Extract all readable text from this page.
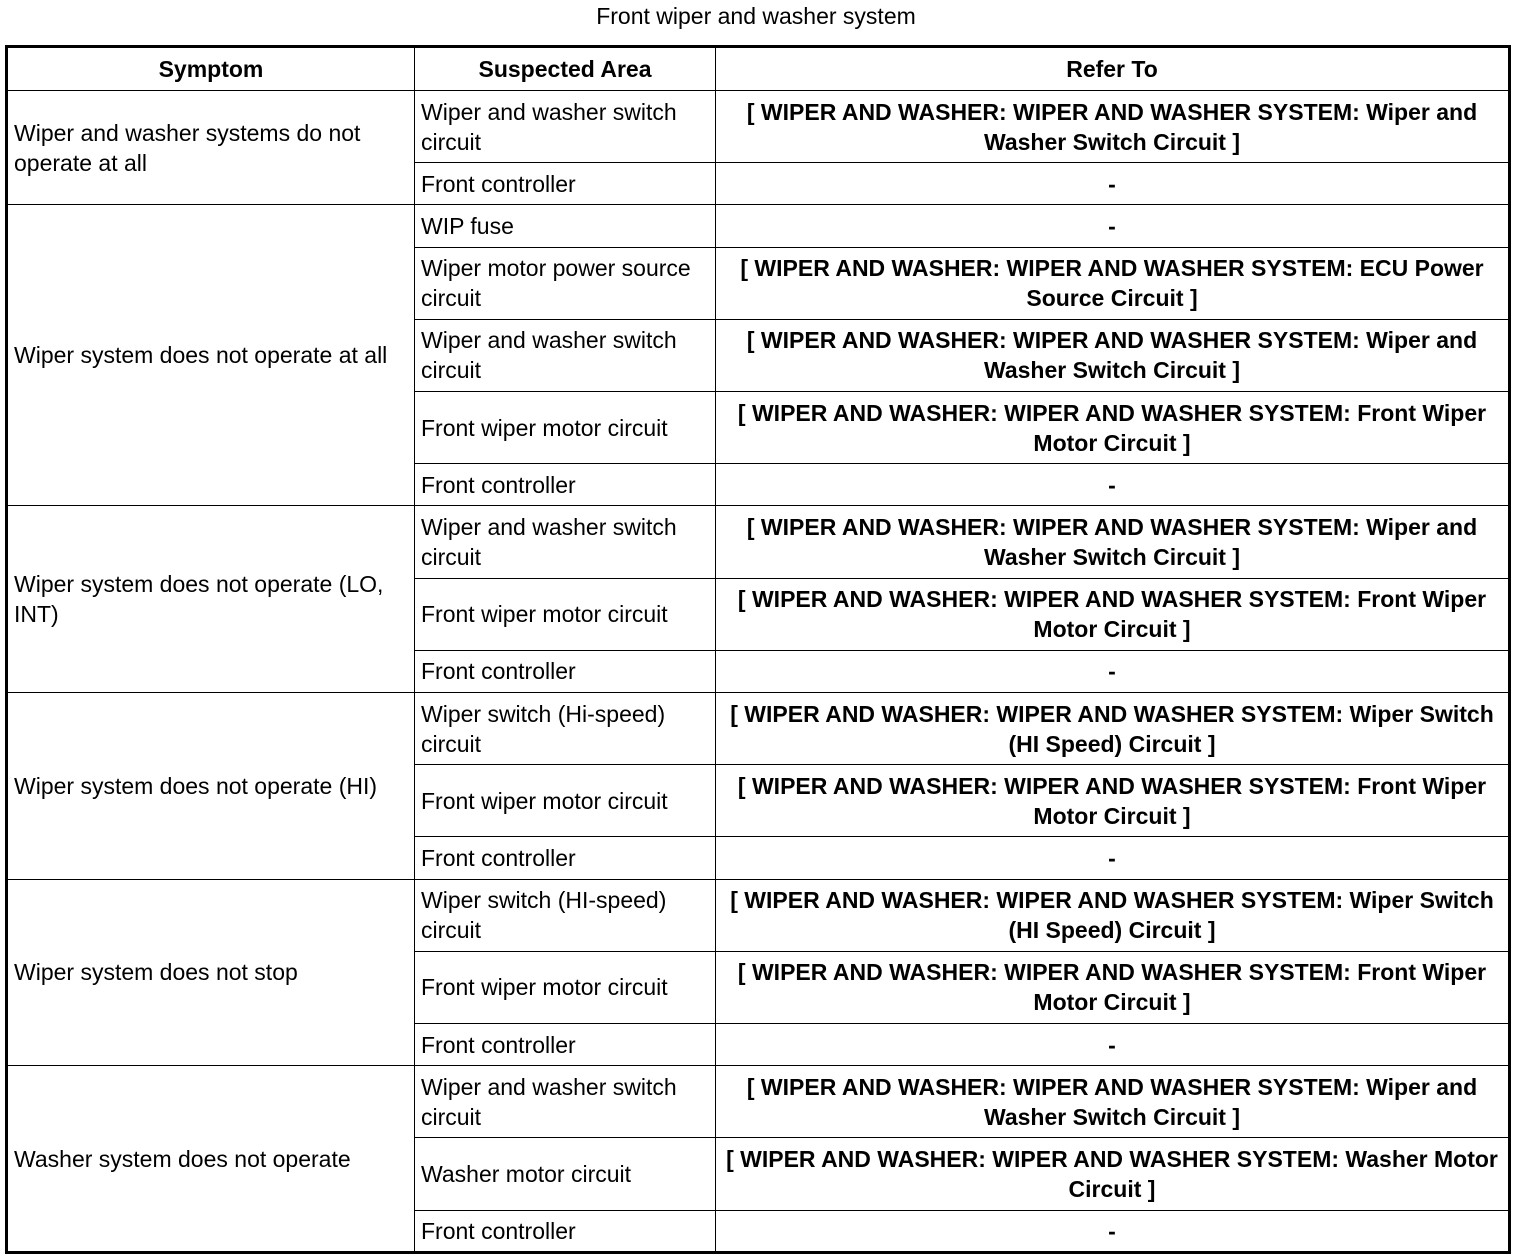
Front wiper and washer system
Symptom	Suspected Area	Refer To
Wiper and washer systems do not operate at all	Wiper and washer switch circuit	[ WIPER AND WASHER: WIPER AND WASHER SYSTEM: Wiper and Washer Switch Circuit ]
	Front controller	-
Wiper system does not operate at all	WIP fuse	-
	Wiper motor power source circuit	[ WIPER AND WASHER: WIPER AND WASHER SYSTEM: ECU Power Source Circuit ]
	Wiper and washer switch circuit	[ WIPER AND WASHER: WIPER AND WASHER SYSTEM: Wiper and Washer Switch Circuit ]
	Front wiper motor circuit	[ WIPER AND WASHER: WIPER AND WASHER SYSTEM: Front Wiper Motor Circuit ]
	Front controller	-
Wiper system does not operate (LO, INT)	Wiper and washer switch circuit	[ WIPER AND WASHER: WIPER AND WASHER SYSTEM: Wiper and Washer Switch Circuit ]
	Front wiper motor circuit	[ WIPER AND WASHER: WIPER AND WASHER SYSTEM: Front Wiper Motor Circuit ]
	Front controller	-
Wiper system does not operate (HI)	Wiper switch (Hi-speed) circuit	[ WIPER AND WASHER: WIPER AND WASHER SYSTEM: Wiper Switch (HI Speed) Circuit ]
	Front wiper motor circuit	[ WIPER AND WASHER: WIPER AND WASHER SYSTEM: Front Wiper Motor Circuit ]
	Front controller	-
Wiper system does not stop	Wiper switch (HI-speed) circuit	[ WIPER AND WASHER: WIPER AND WASHER SYSTEM: Wiper Switch (HI Speed) Circuit ]
	Front wiper motor circuit	[ WIPER AND WASHER: WIPER AND WASHER SYSTEM: Front Wiper Motor Circuit ]
	Front controller	-
Washer system does not operate	Wiper and washer switch circuit	[ WIPER AND WASHER: WIPER AND WASHER SYSTEM: Wiper and Washer Switch Circuit ]
	Washer motor circuit	[ WIPER AND WASHER: WIPER AND WASHER SYSTEM: Washer Motor Circuit ]
	Front controller	-
